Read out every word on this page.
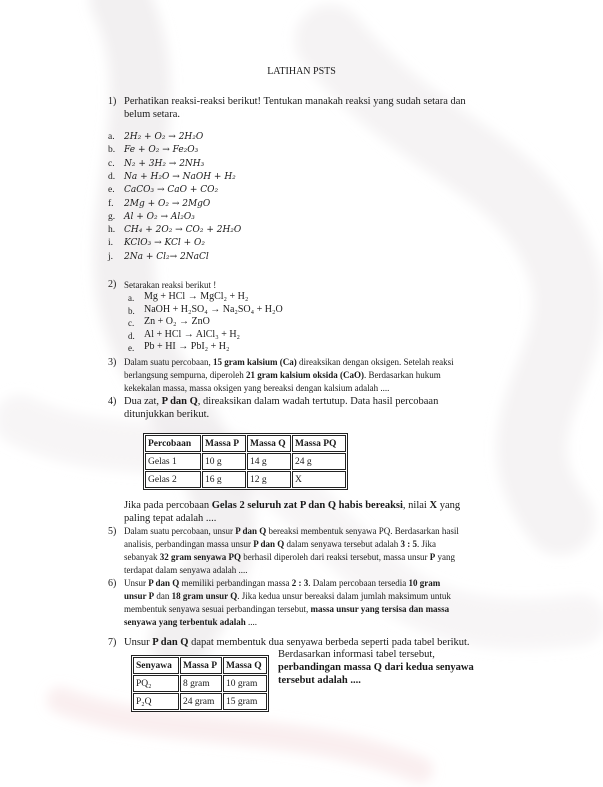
LATIHAN PSTS
1) Perhatikan reaksi-reaksi berikut! Tentukan manakah reaksi yang sudah setara dan
belum setara.
a. 2H₂ + O₂ → 2H₂O
b. Fe + O₂ → Fe₂O₃
c. N₂ + 3H₂ → 2NH₃
d. Na + H₂O → NaOH + H₂
e. CaCO₃ → CaO + CO₂
f. 2Mg + O₂ → 2MgO
g. Al + O₂ → Al₂O₃
h. CH₄ + 2O₂ → CO₂ + 2H₂O
i. KClO₃ → KCl + O₂
j. 2Na + Cl₂→ 2NaCl
2) Setarakan reaksi berikut !
a. Mg + HCl → MgCl₂ + H₂
b. NaOH + H₂SO₄ → Na₂SO₄ + H₂O
c. Zn + O₂ → ZnO
d. Al + HCl → AlCl₃ + H₂
e. Pb + HI → PbI₂ + H₂
3) Dalam suatu percobaan, 15 gram kalsium (Ca) direaksikan dengan oksigen. Setelah reaksi
berlangsung sempurna, diperoleh 21 gram kalsium oksida (CaO). Berdasarkan hukum
kekekalan massa, massa oksigen yang bereaksi dengan kalsium adalah ....
4) Dua zat, P dan Q, direaksikan dalam wadah tertutup. Data hasil percobaan
ditunjukkan berikut.
Percobaan	Massa P	Massa Q	Massa PQ
Gelas 1	10 g	14 g	24 g
Gelas 2	16 g	12 g	X
Jika pada percobaan Gelas 2 seluruh zat P dan Q habis bereaksi, nilai X yang
paling tepat adalah ....
5) Dalam suatu percobaan, unsur P dan Q bereaksi membentuk senyawa PQ. Berdasarkan hasil
analisis, perbandingan massa unsur P dan Q dalam senyawa tersebut adalah 3 : 5. Jika
sebanyak 32 gram senyawa PQ berhasil diperoleh dari reaksi tersebut, massa unsur P yang
terdapat dalam senyawa adalah ....
6) Unsur P dan Q memiliki perbandingan massa 2 : 3. Dalam percobaan tersedia 10 gram
unsur P dan 18 gram unsur Q. Jika kedua unsur bereaksi dalam jumlah maksimum untuk
membentuk senyawa sesuai perbandingan tersebut, massa unsur yang tersisa dan massa
senyawa yang terbentuk adalah ....
7) Unsur P dan Q dapat membentuk dua senyawa berbeda seperti pada tabel berikut.
Senyawa	Massa P	Massa Q
PQ₂	8 gram	10 gram
P₂Q	24 gram	15 gram
Berdasarkan informasi tabel tersebut,
perbandingan massa Q dari kedua senyawa
tersebut adalah ....
